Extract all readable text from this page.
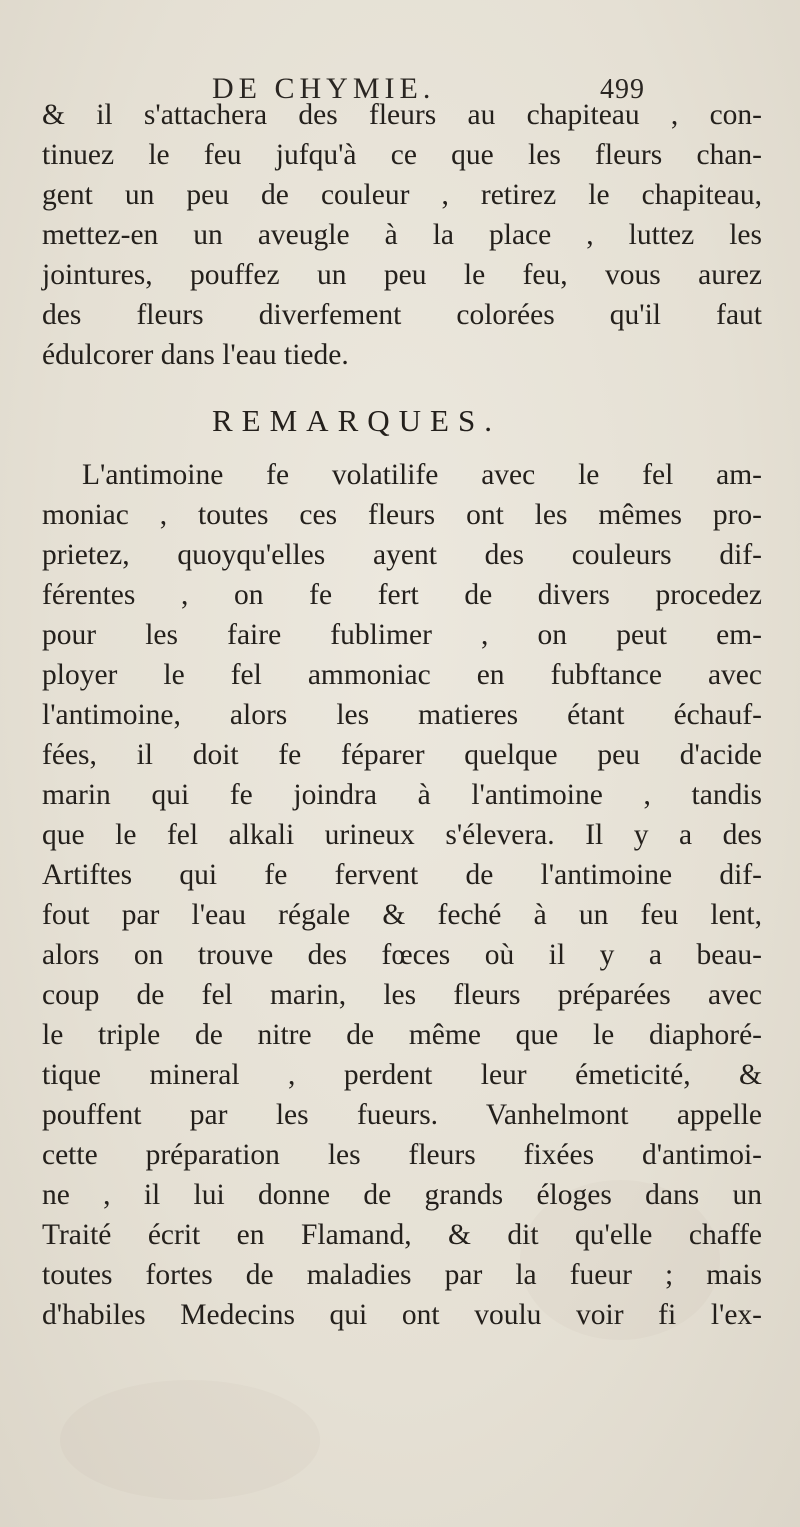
DE CHYMIE.	499
& il s'attachera des fleurs au chapiteau , con-
tinuez le feu jufqu'à ce que les fleurs chan-
gent un peu de couleur , retirez le chapiteau,
mettez-en un aveugle à la place , luttez les
jointures, pouffez un peu le feu, vous aurez
des fleurs diverfement colorées qu'il faut
édulcorer dans l'eau tiede.
REMARQUES.
L'antimoine fe volatilife avec le fel am-
moniac , toutes ces fleurs ont les mêmes pro-
prietez, quoyqu'elles ayent des couleurs dif-
férentes , on fe fert de divers procedez
pour les faire fublimer , on peut em-
ployer le fel ammoniac en fubftance avec
l'antimoine, alors les matieres étant échauf-
fées, il doit fe féparer quelque peu d'acide
marin qui fe joindra à l'antimoine , tandis
que le fel alkali urineux s'élevera. Il y a des
Artiftes qui fe fervent de l'antimoine dif-
fout par l'eau régale & feché à un feu lent,
alors on trouve des fœces où il y a beau-
coup de fel marin, les fleurs préparées avec
le triple de nitre de même que le diaphoré-
tique mineral , perdent leur émeticité, &
pouffent par les fueurs. Vanhelmont appelle
cette préparation les fleurs fixées d'antimoi-
ne , il lui donne de grands éloges dans un
Traité écrit en Flamand, & dit qu'elle chaffe
toutes fortes de maladies par la fueur ; mais
d'habiles Medecins qui ont voulu voir fi l'ex-
